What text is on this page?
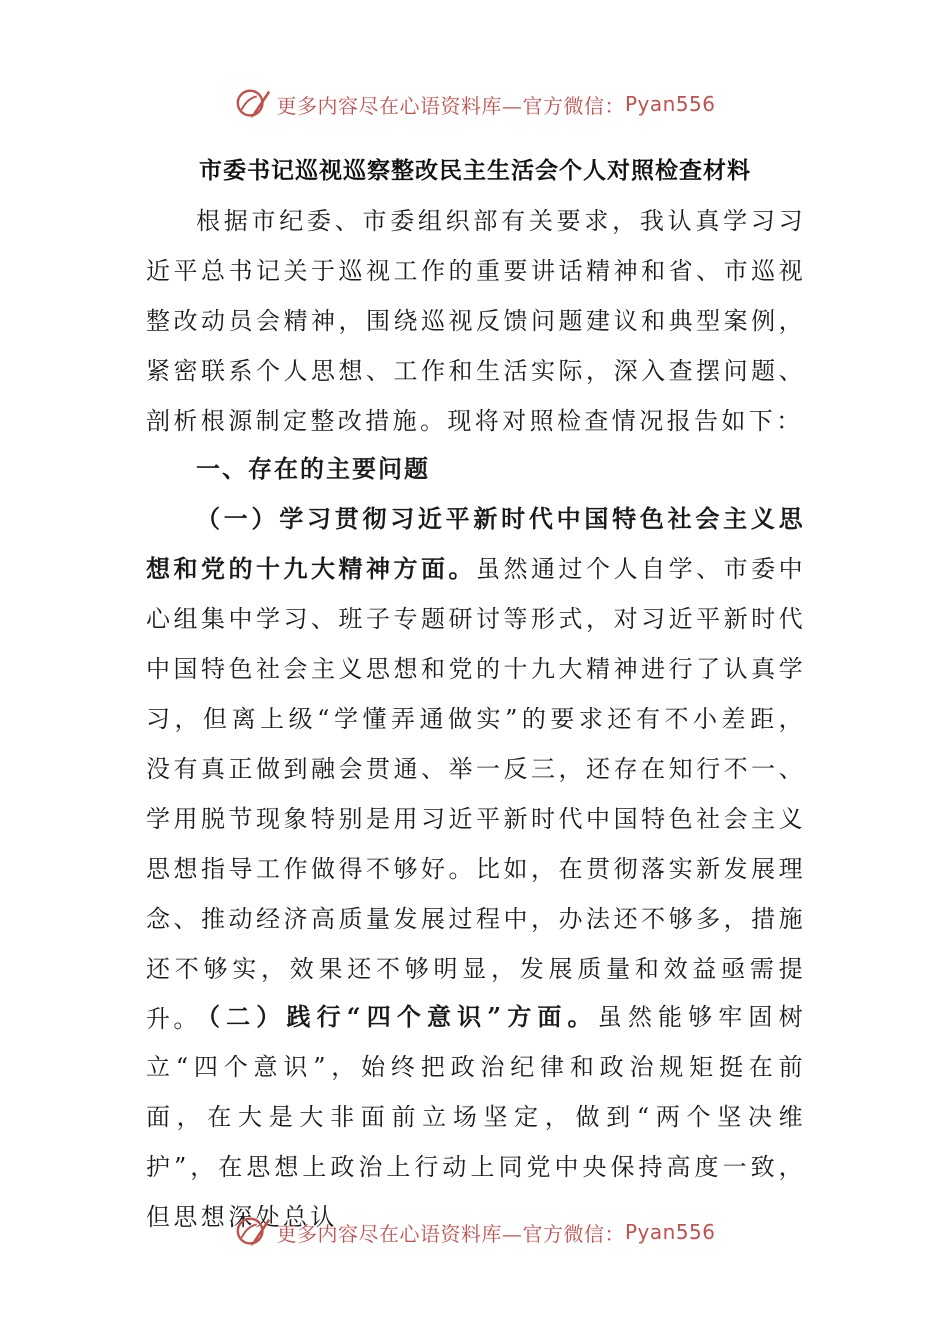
更多内容尽在心语资料库—官方微信： Pyan556
市委书记巡视巡察整改民主生活会个人对照检查材料
根据市纪委、市委组织部有关要求，我认真学习习近平总书记关于巡视工作的重要讲话精神和省、市巡视整改动员会精神，围绕巡视反馈问题建议和典型案例，紧密联系个人思想、工作和生活实际，深入查摆问题、剖析根源制定整改措施。现将对照检查情况报告如下：
一、存在的主要问题
（一）学习贯彻习近平新时代中国特色社会主义思想和党的十九大精神方面。虽然通过个人自学、市委中心组集中学习、班子专题研讨等形式，对习近平新时代中国特色社会主义思想和党的十九大精神进行了认真学习，但离上级“学懂弄通做实”的要求还有不小差距，没有真正做到融会贯通、举一反三，还存在知行不一、学用脱节现象特别是用习近平新时代中国特色社会主义思想指导工作做得不够好。比如，在贯彻落实新发展理念、推动经济高质量发展过程中，办法还不够多，措施还不够实，效果还不够明显，发展质量和效益亟需提升。
（二）践行“四个意识”方面。虽然能够牢固树立“四个意识”，始终把政治纪律和政治规矩挺在前面，在大是大非面前立场坚定，做到“两个坚决维护”，在思想上政治上行动上同党中央保持高度一致，但思想深处总认
更多内容尽在心语资料库—官方微信： Pyan556
